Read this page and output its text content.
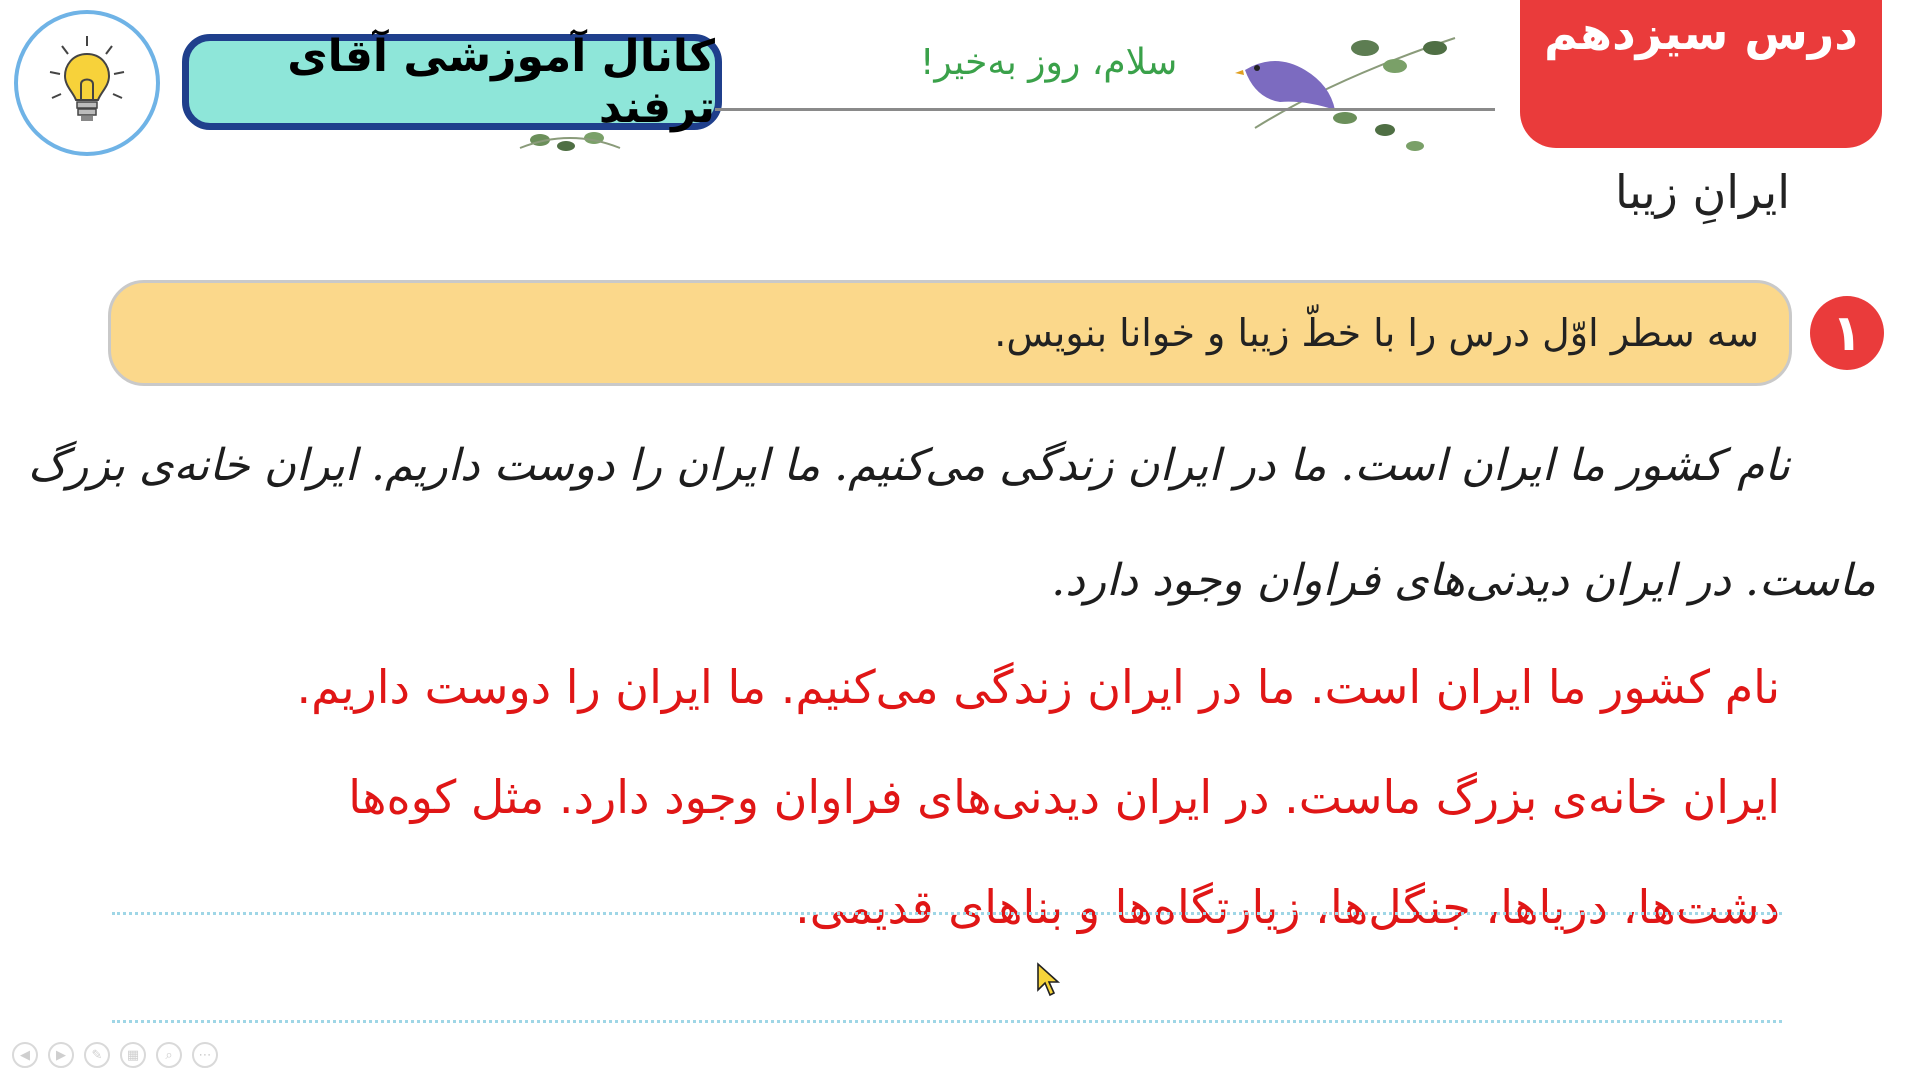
کانال آموزشی آقای ترفند
سلام، روز به‌خیر!
درس سیزدهم
ایرانِ زیبا
۱
سه سطر اوّل درس را با خطّ زیبا و خوانا بنویس.
نام کشور ما ایران است. ما در ایران زندگی می‌کنیم. ما ایران را دوست داریم. ایران خانه‌ی بزرگ
ماست. در ایران دیدنی‌های فراوان وجود دارد.
نام کشور ما ایران است. ما در ایران زندگی می‌کنیم. ما ایران را دوست داریم.
ایران خانه‌ی بزرگ ماست. در ایران دیدنی‌های فراوان وجود دارد. مثل کوه‌ها
دشت‌ها، دریاها، جنگل‌ها، زیارتگاه‌ها و بناهای قدیمی.
◀	▶	✎	▦	⌕	⋯
